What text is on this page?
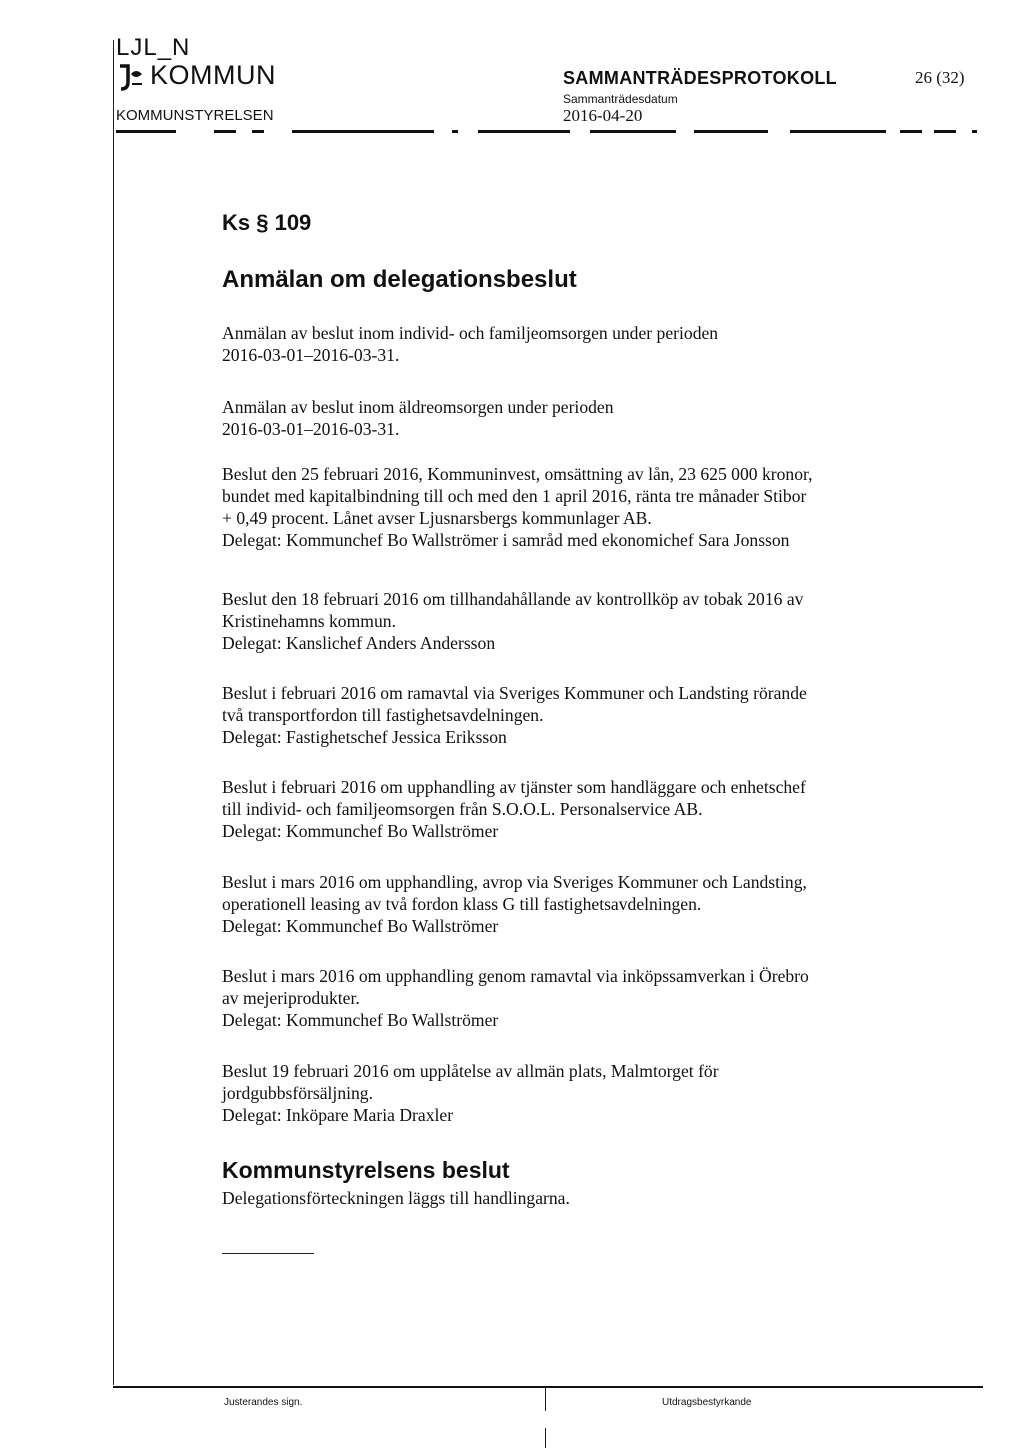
LJL_N
KOMMUN
KOMMUNSTYRELSEN
SAMMANTRÄDESPROTOKOLL
Sammanträdesdatum
2016-04-20
26 (32)
Ks § 109
Anmälan om delegationsbeslut
Anmälan av beslut inom individ- och familjeomsorgen under perioden
2016-03-01–2016-03-31.
Anmälan av beslut inom äldreomsorgen under perioden
2016-03-01–2016-03-31.
Beslut den 25 februari 2016, Kommuninvest, omsättning av lån, 23 625 000 kronor,
bundet med kapitalbindning till och med den 1 april 2016, ränta tre månader Stibor
+ 0,49 procent. Lånet avser Ljusnarsbergs kommunlager AB.
Delegat: Kommunchef Bo Wallströmer i samråd med ekonomichef Sara Jonsson
Beslut den 18 februari 2016 om tillhandahållande av kontrollköp av tobak 2016 av
Kristinehamns kommun.
Delegat: Kanslichef Anders Andersson
Beslut i februari 2016 om ramavtal via Sveriges Kommuner och Landsting rörande
två transportfordon till fastighetsavdelningen.
Delegat: Fastighetschef Jessica Eriksson
Beslut i februari 2016 om upphandling av tjänster som handläggare och enhetschef
till individ- och familjeomsorgen från S.O.O.L. Personalservice AB.
Delegat: Kommunchef Bo Wallströmer
Beslut i mars 2016 om upphandling, avrop via Sveriges Kommuner och Landsting,
operationell leasing av två fordon klass G till fastighetsavdelningen.
Delegat: Kommunchef Bo Wallströmer
Beslut i mars 2016 om upphandling genom ramavtal via inköpssamverkan i Örebro
av mejeriprodukter.
Delegat: Kommunchef Bo Wallströmer
Beslut 19 februari 2016 om upplåtelse av allmän plats, Malmtorget för
jordgubbsförsäljning.
Delegat: Inköpare Maria Draxler
Kommunstyrelsens beslut
Delegationsförteckningen läggs till handlingarna.
Justerandes sign.	Utdragsbestyrkande
